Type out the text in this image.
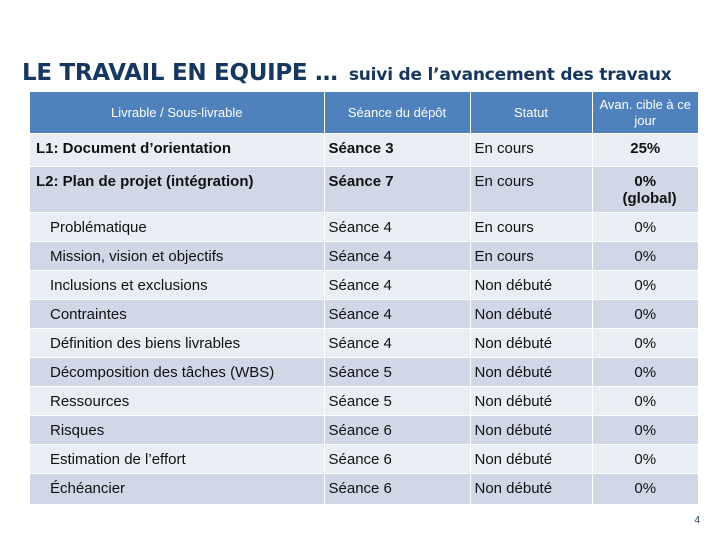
LE TRAVAIL EN EQUIPE … suivi de l’avancement des travaux
Livrable / Sous-livrable	Séance du dépôt	Statut	Avan. cible à ce jour
L1: Document d’orientation	Séance 3	En cours	25%
L2: Plan de projet (intégration)	Séance 7	En cours	0% (global)
Problématique	Séance 4	En cours	0%
Mission, vision et objectifs	Séance 4	En cours	0%
Inclusions et exclusions	Séance 4	Non débuté	0%
Contraintes	Séance 4	Non débuté	0%
Définition des biens livrables	Séance 4	Non débuté	0%
Décomposition des tâches (WBS)	Séance 5	Non débuté	0%
Ressources	Séance 5	Non débuté	0%
Risques	Séance 6	Non débuté	0%
Estimation de l’effort	Séance 6	Non débuté	0%
Échéancier	Séance 6	Non débuté	0%
4
